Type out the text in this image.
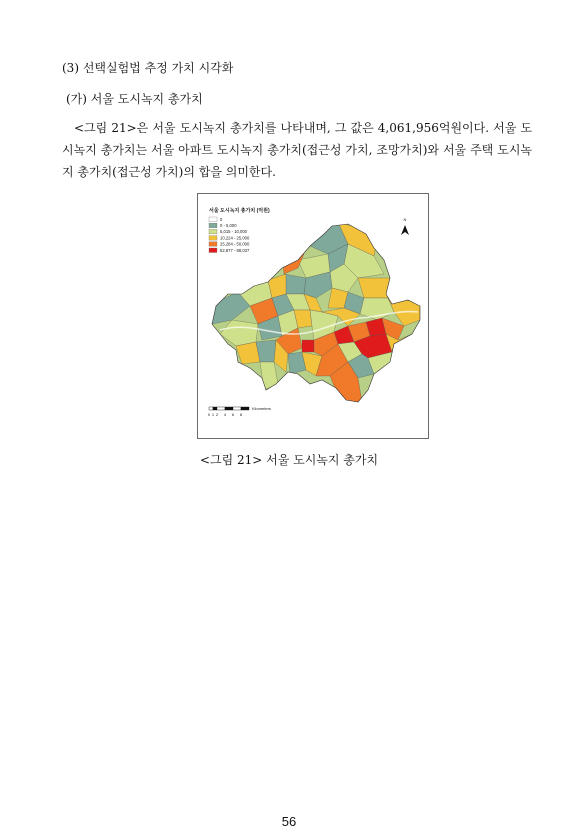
(3) 선택실험법 추정 가치 시각화
(가) 서울 도시녹지 총가치
<그림 21>은 서울 도시녹지 총가치를 나타내며, 그 값은 4,061,956억원이다. 서울 도시녹지 총가치는 서울 아파트 도시녹지 총가치(접근성 가치, 조망가치)와 서울 주택 도시녹지 총가치(접근성 가치)의 합을 의미한다.
서울 도시녹지 총가치 (억원)
0
0 - 5,000
5,015 - 10,000
10,224 - 25,000
25,284 - 50,000
52,877 - 88,037
N
0 1 2 4 6 8
Kilometers
<그림 21> 서울 도시녹지 총가치
56
